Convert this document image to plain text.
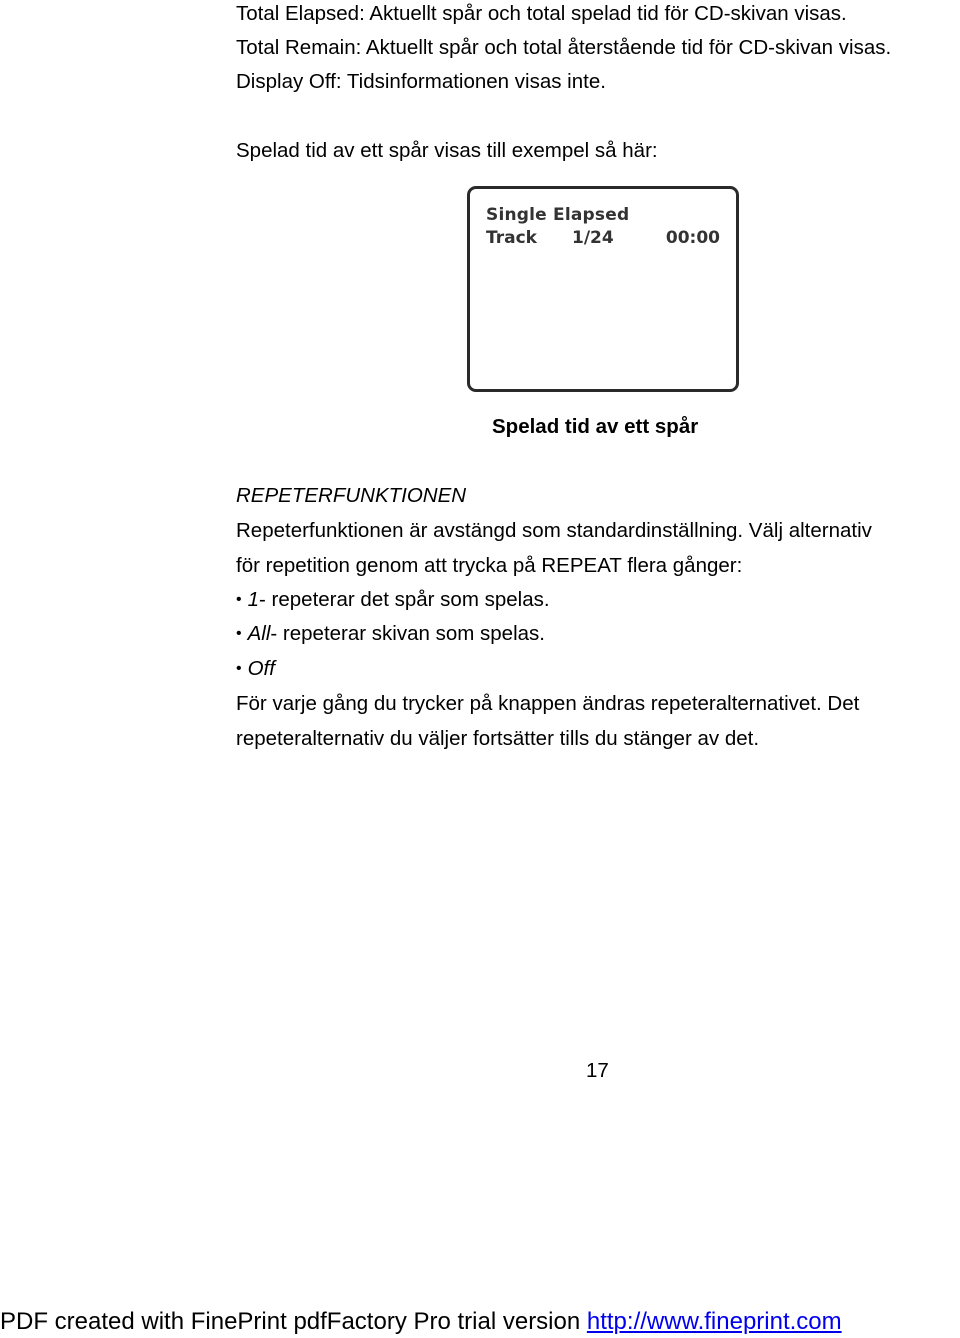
Total Elapsed: Aktuellt spår och total spelad tid för CD-skivan visas.
Total Remain: Aktuellt spår och total återstående tid för CD-skivan visas.
Display Off: Tidsinformationen visas inte.
Spelad tid av ett spår visas till exempel så här:
Single Elapsed
Track 1/24	00:00
Spelad tid av ett spår
REPETERFUNKTIONEN
Repeterfunktionen är avstängd som standardinställning. Välj alternativ
för repetition genom att trycka på REPEAT flera gånger:
• 1- repeterar det spår som spelas.
• All- repeterar skivan som spelas.
• Off
För varje gång du trycker på knappen ändras repeteralternativet. Det
repeteralternativ du väljer fortsätter tills du stänger av det.
17
PDF created with FinePrint pdfFactory Pro trial version http://www.fineprint.com
